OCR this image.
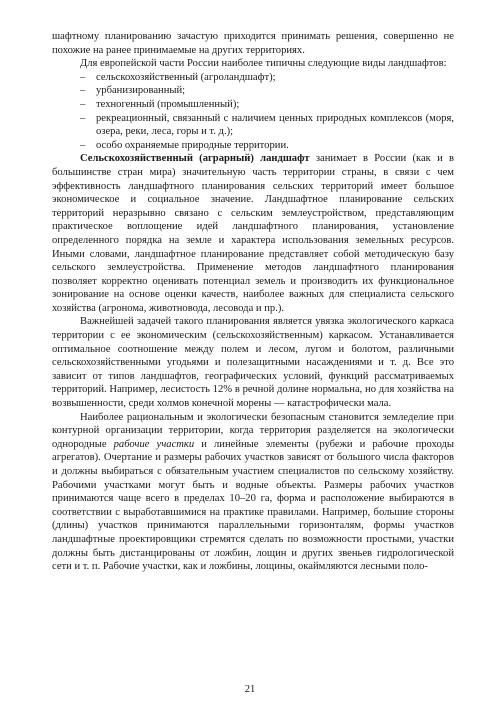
шафтному планированию зачастую приходится принимать решения, совершенно не похожие на ранее принимаемые на других территориях.

Для европейской части России наиболее типичны следующие виды ландшафтов:

– сельскохозяйственный (агроландшафт);
– урбанизированный;
– техногенный (промышленный);
– рекреационный, связанный с наличием ценных природных комплексов (моря, озера, реки, леса, горы и т. д.);
– особо охраняемые природные территории.

Сельскохозяйственный (аграрный) ландшафт занимает в России (как и в большинстве стран мира) значительную часть территории страны, в связи с чем эффективность ландшафтного планирования сельских территорий имеет большое экономическое и социальное значение. Ландшафтное планирование сельских территорий неразрывно связано с сельским землеустройством, представляющим практическое воплощение идей ландшафтного планирования, установление определенного порядка на земле и характера использования земельных ресурсов. Иными словами, ландшафтное планирование представляет собой методическую базу сельского землеустройства. Применение методов ландшафтного планирования позволяет корректно оценивать потенциал земель и производить их функциональное зонирование на основе оценки качеств, наиболее важных для специалиста сельского хозяйства (агронома, животновода, лесовода и пр.).

Важнейшей задачей такого планирования является увязка экологического каркаса территории с ее экономическим (сельскохозяйственным) каркасом. Устанавливается оптимальное соотношение между полем и лесом, лугом и болотом, различными сельскохозяйственными угодьями и полезащитными насаждениями и т. д. Все это зависит от типов ландшафтов, географических условий, функций рассматриваемых территорий. Например, лесистость 12% в речной долине нормальна, но для хозяйства на возвышенности, среди холмов конечной морены — катастрофически мала.

Наиболее рациональным и экологически безопасным становится земледелие при контурной организации территории, когда территория разделяется на экологически однородные рабочие участки и линейные элементы (рубежи и рабочие проходы агрегатов). Очертание и размеры рабочих участков зависят от большого числа факторов и должны выбираться с обязательным участием специалистов по сельскому хозяйству. Рабочими участками могут быть и водные объекты. Размеры рабочих участков принимаются чаще всего в пределах 10–20 га, форма и расположение выбираются в соответствии с выработавшимися на практике правилами. Например, большие стороны (длины) участков принимаются параллельными горизонталям, формы участков ландшафтные проектировщики стремятся сделать по возможности простыми, участки должны быть дистанцированы от ложбин, лощин и других звеньев гидрологической сети и т. п. Рабочие участки, как и ложбины, лощины, окаймляются лесными поло-

21
